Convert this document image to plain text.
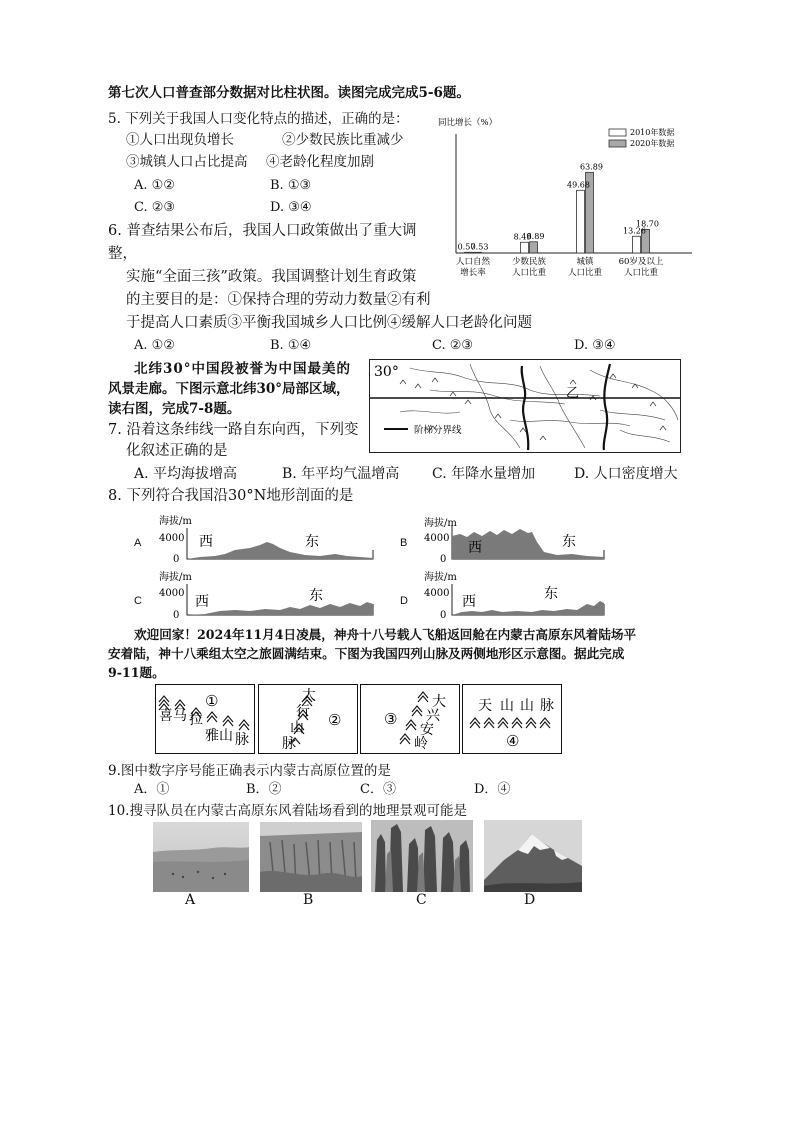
第七次人口普查部分数据对比柱状图。读图完成完成5-6题。
5. 下列关于我国人口变化特点的描述，正确的是：
①人口出现负增长	②少数民族比重减少
③城镇人口占比提高 ④老龄化程度加剧
A. ①②	B. ①③
C. ②③	D. ③④
同比增长（%）
2010年数据
2020年数据
0.57
0.53
8.49
8.89
49.68
63.89
13.26
18.70
人口自然
增长率
少数民族
人口比重
城镇
人口比重
60岁及以上
人口比重
6. 普查结果公布后，我国人口政策做出了重大调
整，
实施“全面三孩”政策。我国调整计划生育政策
的主要目的是：①保持合理的劳动力数量②有利
于提高人口素质③平衡我国城乡人口比例④缓解人口老龄化问题
A. ①②	B. ①④	C. ②③	D. ③④
北纬30°中国段被誉为中国最美的
风景走廊。下图示意北纬30°局部区域，
读右图，完成7-8题。
30°
乙
阶梯分界线
7. 沿着这条纬线一路自东向西，下列变
化叙述正确的是
A. 平均海拔增高	B. 年平均气温增高 C. 年降水量增加	D. 人口密度增大
8. 下列符合我国沿30°N地形剖面的是
A
海拔/m
4000
0
西	东	B
海拔/m
4000
0
西	东
C
海拔/m
4000
0
西	东	D
海拔/m
4000
0
西	东
欢迎回家！2024年11月4日凌晨，神舟十八号载人飞船返回舱在内蒙古高原东风着陆场平
安着陆，神十八乘组太空之旅圆满结束。下图为我国四列山脉及两侧地形区示意图。据此完成
9-11题。
①
喜 马 拉
雅 山 脉
太
行
山
脉
②
大
兴
安
岭
③
天 山 山 脉
④
9.图中数字序号能正确表示内蒙古高原位置的是
A．①	B．②	C．③	D．④
10.搜寻队员在内蒙古高原东风着陆场看到的地理景观可能是
A	B	C	D
